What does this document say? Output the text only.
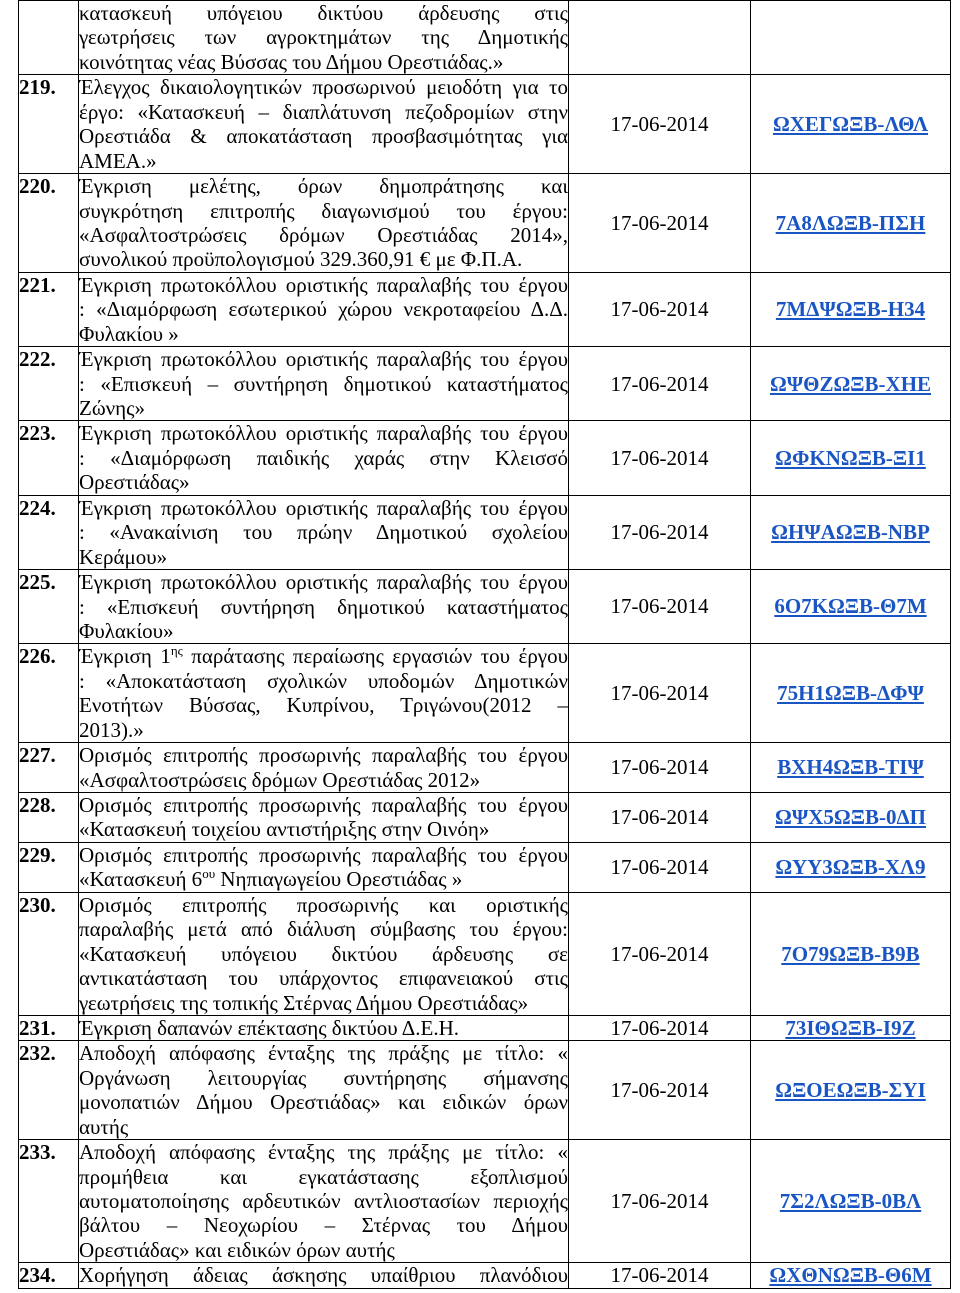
	κατασκευή υπόγειου δικτύου άρδευσης στις
γεωτρήσεις των αγροκτημάτων της Δημοτικής
κοινότητας νέας Βύσσας του Δήμου Ορεστιάδας.»		

219.	Έλεγχος δικαιολογητικών προσωρινού μειοδότη για το
έργο: «Κατασκευή – διαπλάτυνση πεζοδρομίων στην
Ορεστιάδα & αποκατάσταση προσβασιμότητας για
ΑΜΕΑ.»	17-06-2014	ΩΧΕΓΩΞΒ-ΛΘΛ
220.	Έγκριση μελέτης, όρων δημοπράτησης και
συγκρότηση επιτροπής διαγωνισμού του έργου:
«Ασφαλτοστρώσεις δρόμων Ορεστιάδας 2014»,
συνολικού προϋπολογισμού 329.360,91 € με Φ.Π.Α.	17-06-2014	7Α8ΛΩΞΒ-ΠΣΗ
221.	Έγκριση πρωτοκόλλου οριστικής παραλαβής του έργου
: «Διαμόρφωση εσωτερικού χώρου νεκροταφείου Δ.Δ.
Φυλακίου »	17-06-2014	7ΜΔΨΩΞΒ-Η34
222.	Έγκριση πρωτοκόλλου οριστικής παραλαβής του έργου
: «Επισκευή – συντήρηση δημοτικού καταστήματος
Ζώνης»	17-06-2014	ΩΨΘΖΩΞΒ-ΧΗΕ
223.	Έγκριση πρωτοκόλλου οριστικής παραλαβής του έργου
: «Διαμόρφωση παιδικής χαράς στην Κλεισσό
Ορεστιάδας»	17-06-2014	ΩΦΚΝΩΞΒ-ΞΙ1
224.	Έγκριση πρωτοκόλλου οριστικής παραλαβής του έργου
: «Ανακαίνιση του πρώην Δημοτικού σχολείου
Κεράμου»	17-06-2014	ΩΗΨΑΩΞΒ-ΝΒΡ
225.	Έγκριση πρωτοκόλλου οριστικής παραλαβής του έργου
: «Επισκευή συντήρηση δημοτικού καταστήματος
Φυλακίου»	17-06-2014	6Ο7ΚΩΞΒ-Θ7Μ
226.	Έγκριση $1^{\eta\varsigma}$ παράτασης περαίωσης εργασιών του έργου
: «Αποκατάσταση σχολικών υποδομών Δημοτικών
Ενοτήτων Βύσσας, Κυπρίνου, Τριγώνου(2012 –
2013).»	17-06-2014	75Η1ΩΞΒ-ΔΦΨ
227.	Ορισμός επιτροπής προσωρινής παραλαβής του έργου
«Ασφαλτοστρώσεις δρόμων Ορεστιάδας 2012»	17-06-2014	ΒΧΗ4ΩΞΒ-ΤΙΨ
228.	Ορισμός επιτροπής προσωρινής παραλαβής του έργου
«Κατασκευή τοιχείου αντιστήριξης στην Οινόη»	17-06-2014	ΩΨΧ5ΩΞΒ-0ΔΠ
229.	Ορισμός επιτροπής προσωρινής παραλαβής του έργου
«Κατασκευή $6^{o\upsilon}$ Νηπιαγωγείου Ορεστιάδας »	17-06-2014	ΩΥΥ3ΩΞΒ-ΧΛ9
230.	Ορισμός επιτροπής προσωρινής και οριστικής
παραλαβής μετά από διάλυση σύμβασης του έργου:
«Κατασκευή υπόγειου δικτύου άρδευσης σε
αντικατάσταση του υπάρχοντος επιφανειακού στις
γεωτρήσεις της τοπικής Στέρνας Δήμου Ορεστιάδας»	17-06-2014	7Ο79ΩΞΒ-Β9Β
231.	Έγκριση δαπανών επέκτασης δικτύου Δ.Ε.Η.	17-06-2014	73ΙΘΩΞΒ-Ι9Ζ
232.	Αποδοχή απόφασης ένταξης της πράξης με τίτλο: «
Οργάνωση λειτουργίας συντήρησης σήμανσης
μονοπατιών Δήμου Ορεστιάδας» και ειδικών όρων
αυτής	17-06-2014	ΩΞΟΕΩΞΒ-ΣΥΙ
233.	Αποδοχή απόφασης ένταξης της πράξης με τίτλο: «
προμήθεια και εγκατάστασης εξοπλισμού
αυτοματοποίησης αρδευτικών αντλιοστασίων περιοχής
βάλτου – Νεοχωρίου – Στέρνας του Δήμου
Ορεστιάδας» και ειδικών όρων αυτής	17-06-2014	7Σ2ΛΩΞΒ-0ΒΛ
234.	Χορήγηση άδειας άσκησης υπαίθριου πλανόδιου	17-06-2014	ΩΧΘΝΩΞΒ-Θ6Μ
